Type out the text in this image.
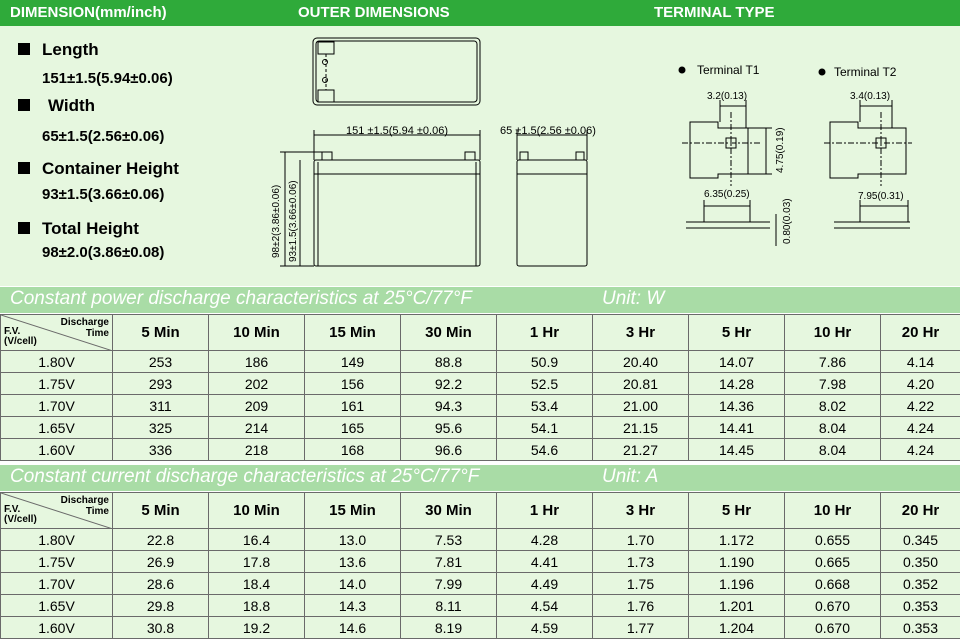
DIMENSION(mm/inch)	OUTER DIMENSIONS	TERMINAL TYPE
Length
151±1.5(5.94±0.06)
Width
65±1.5(2.56±0.06)
Container Height
93±1.5(3.66±0.06)
Total Height
98±2.0(3.86±0.08)
151 ±1.5(5.94 ±0.06)	65 ±1.5(2.56 ±0.06)
98±2(3.86±0.06) 93±1.5(3.66±0.06)
Terminal T1	Terminal T2
3.2(0.13)	3.4(0.13)
4.75(0.19)
6.35(0.25)	7.95(0.31)
0.80(0.03)
Constant power discharge characteristics at 25°C/77°F	Unit: W
Discharge
Time
F.V.
(V/cell)	5 Min	10 Min	15 Min	30 Min	1 Hr	3 Hr	5 Hr	10 Hr	20 Hr
1.80V	253	186	149	88.8	50.9	20.40	14.07	7.86	4.14
1.75V	293	202	156	92.2	52.5	20.81	14.28	7.98	4.20
1.70V	311	209	161	94.3	53.4	21.00	14.36	8.02	4.22
1.65V	325	214	165	95.6	54.1	21.15	14.41	8.04	4.24
1.60V	336	218	168	96.6	54.6	21.27	14.45	8.04	4.24
Constant current discharge characteristics at 25°C/77°F	Unit: A
Discharge
Time
F.V.
(V/cell)	5 Min	10 Min	15 Min	30 Min	1 Hr	3 Hr	5 Hr	10 Hr	20 Hr
1.80V	22.8	16.4	13.0	7.53	4.28	1.70	1.172	0.655	0.345
1.75V	26.9	17.8	13.6	7.81	4.41	1.73	1.190	0.665	0.350
1.70V	28.6	18.4	14.0	7.99	4.49	1.75	1.196	0.668	0.352
1.65V	29.8	18.8	14.3	8.11	4.54	1.76	1.201	0.670	0.353
1.60V	30.8	19.2	14.6	8.19	4.59	1.77	1.204	0.670	0.353
